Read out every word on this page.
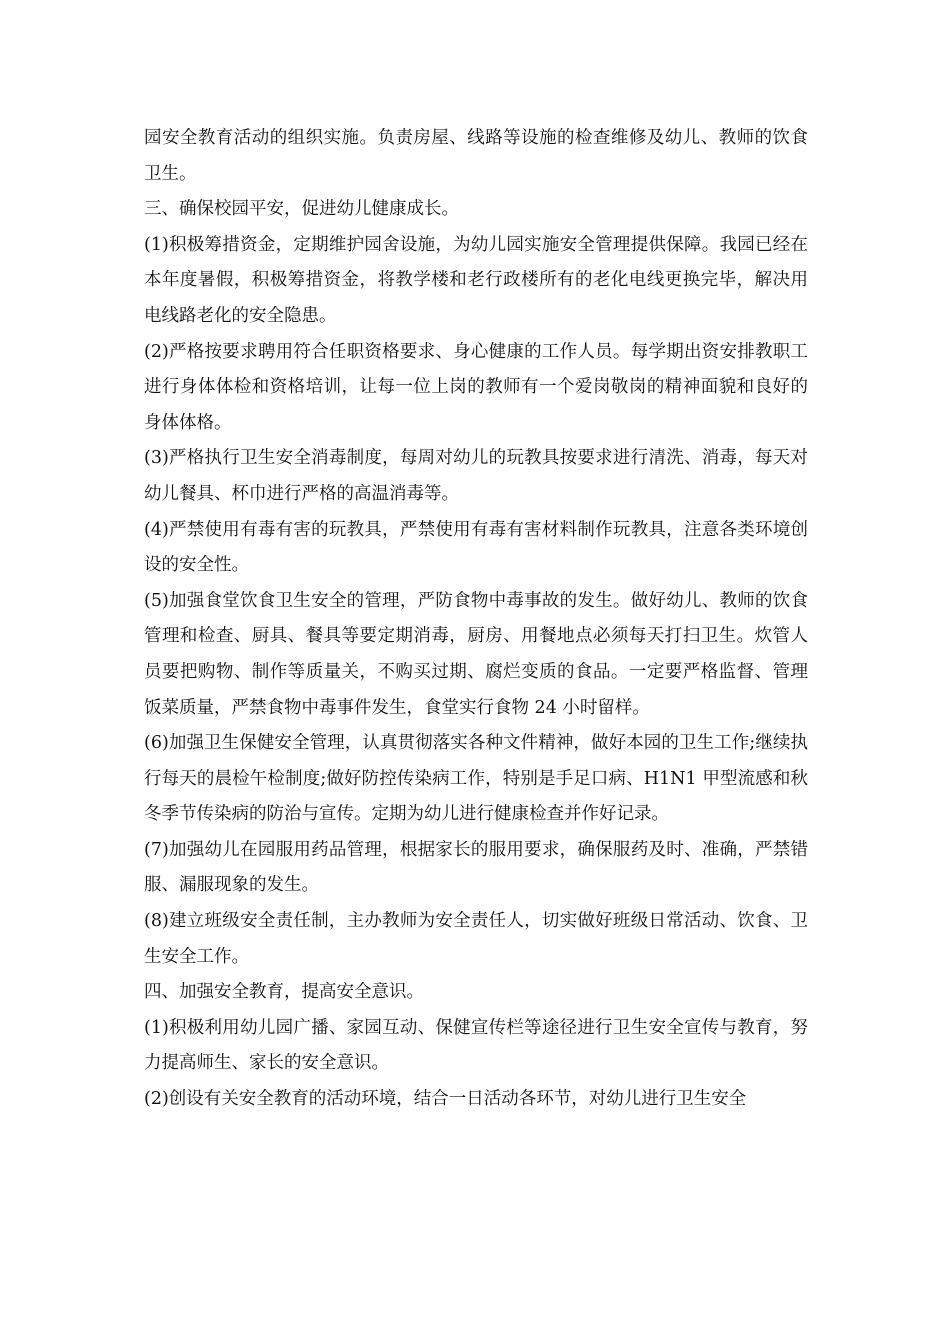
园安全教育活动的组织实施。负责房屋、线路等设施的检查维修及幼儿、教师的饮食卫生。

三、确保校园平安，促进幼儿健康成长。

(1)积极筹措资金，定期维护园舍设施，为幼儿园实施安全管理提供保障。我园已经在本年度暑假，积极筹措资金，将教学楼和老行政楼所有的老化电线更换完毕，解决用电线路老化的安全隐患。

(2)严格按要求聘用符合任职资格要求、身心健康的工作人员。每学期出资安排教职工进行身体体检和资格培训，让每一位上岗的教师有一个爱岗敬岗的精神面貌和良好的身体体格。

(3)严格执行卫生安全消毒制度，每周对幼儿的玩教具按要求进行清洗、消毒，每天对幼儿餐具、杯巾进行严格的高温消毒等。

(4)严禁使用有毒有害的玩教具，严禁使用有毒有害材料制作玩教具，注意各类环境创设的安全性。

(5)加强食堂饮食卫生安全的管理，严防食物中毒事故的发生。做好幼儿、教师的饮食管理和检查、厨具、餐具等要定期消毒，厨房、用餐地点必须每天打扫卫生。炊管人员要把购物、制作等质量关，不购买过期、腐烂变质的食品。一定要严格监督、管理饭菜质量，严禁食物中毒事件发生，食堂实行食物 24 小时留样。

(6)加强卫生保健安全管理，认真贯彻落实各种文件精神，做好本园的卫生工作;继续执行每天的晨检午检制度;做好防控传染病工作，特别是手足口病、H1N1 甲型流感和秋冬季节传染病的防治与宣传。定期为幼儿进行健康检查并作好记录。

(7)加强幼儿在园服用药品管理，根据家长的服用要求，确保服药及时、准确，严禁错服、漏服现象的发生。

(8)建立班级安全责任制，主办教师为安全责任人，切实做好班级日常活动、饮食、卫生安全工作。

四、加强安全教育，提高安全意识。

(1)积极利用幼儿园广播、家园互动、保健宣传栏等途径进行卫生安全宣传与教育，努力提高师生、家长的安全意识。

(2)创设有关安全教育的活动环境，结合一日活动各环节，对幼儿进行卫生安全
